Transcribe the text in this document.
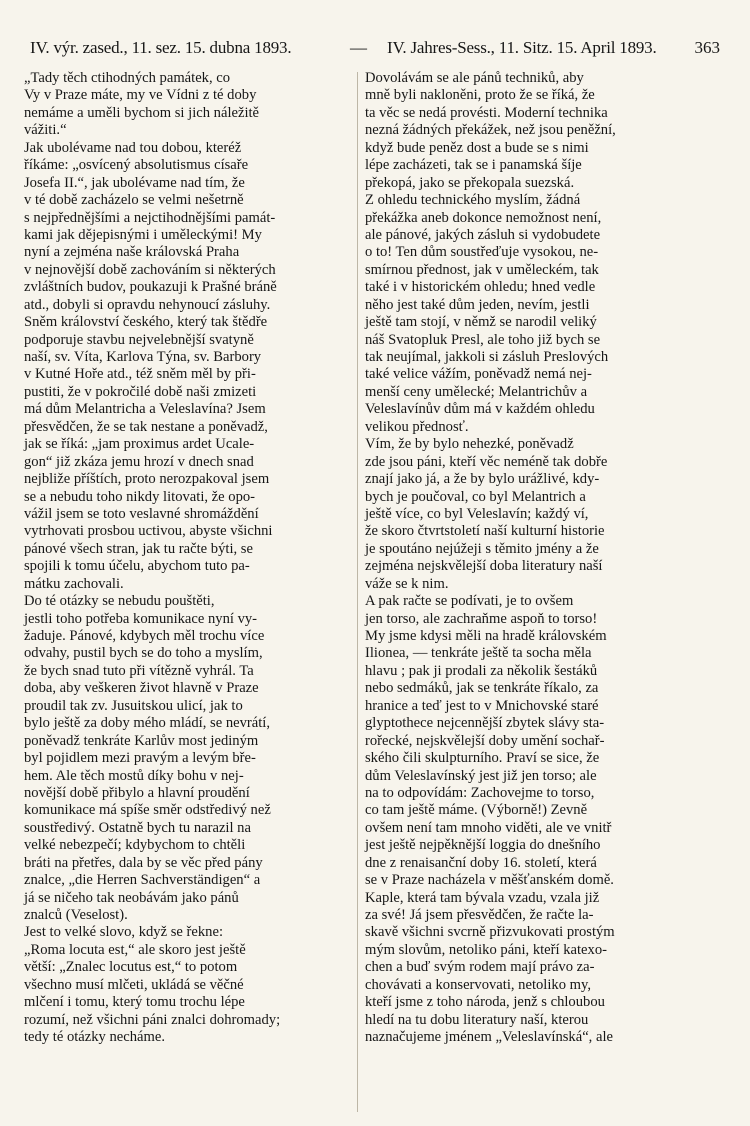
IV. výr. zased., 11. sez. 15. dubna 1893.	— IV. Jahres-Sess., 11. Sitz. 15. April 1893. 363
„Tady těch ctihodných památek, co
Vy v Praze máte, my ve Vídni z té doby
nemáme a uměli bychom si jich náležitě
vážiti.“
Jak ubolévame nad tou dobou, kteréž
říkáme: „osvícený absolutismus císaře
Josefa II.“, jak ubolévame nad tím, že
v té době zacházelo se velmi nešetrně
s nejpřednějšími a nejctihodnějšími památ-
kami jak dějepisnými i uměleckými! My
nyní a zejména naše královská Praha
v nejnovější době zachováním si některých
zvláštních budov, poukazuji k Prašné bráně
atd., dobyli si opravdu nehynoucí zásluhy.
Sněm království českého, který tak štědře
podporuje stavbu nejvelebnější svatyně
naší, sv. Víta, Karlova Týna, sv. Barbory
v Kutné Hoře atd., též sněm měl by při-
pustiti, že v pokročilé době naši zmizeti
má dům Melantricha a Veleslavína? Jsem
přesvědčen, že se tak nestane a poněvadž,
jak se říká: „jam proximus ardet Ucale-
gon“ již zkáza jemu hrozí v dnech snad
nejbliže příštích, proto nerozpakoval jsem
se a nebudu toho nikdy litovati, že opo-
vážil jsem se toto veslavné shromáždění
vytrhovati prosbou uctivou, abyste všichni
pánové všech stran, jak tu račte býti, se
spojili k tomu účelu, abychom tuto pa-
mátku zachovali.
Do té otázky se nebudu pouštěti,
jestli toho potřeba komunikace nyní vy-
žaduje. Pánové, kdybych měl trochu více
odvahy, pustil bych se do toho a myslím,
že bych snad tuto při vítězně vyhrál. Ta
doba, aby veškeren život hlavně v Praze
proudil tak zv. Jusuitskou ulicí, jak to
bylo ještě za doby mého mládí, se nevrátí,
poněvadž tenkráte Karlův most jediným
byl pojidlem mezi pravým a levým bře-
hem. Ale těch mostů díky bohu v nej-
novější době přibylo a hlavní proudění
komunikace má spíše směr odstředivý než
soustředivý. Ostatně bych tu narazil na
velké nebezpečí; kdybychom to chtěli
bráti na přetřes, dala by se věc před pány
znalce, „die Herren Sachverständigen“ a
já se ničeho tak neobávám jako pánů
znalců (Veselost).
Jest to velké slovo, když se řekne:
„Roma locuta est,“ ale skoro jest ještě
větší: „Znalec locutus est,“ to potom
všechno musí mlčeti, ukládá se věčné
mlčení i tomu, který tomu trochu lépe
rozumí, než všichni páni znalci dohromady;
tedy té otázky necháme.
Dovolávám se ale pánů techniků, aby
mně byli nakloněni, proto že se říká, že
ta věc se nedá provésti. Moderní technika
nezná žádných překážek, než jsou peněžní,
když bude peněz dost a bude se s nimi
lépe zacházeti, tak se i panamská šíje
překopá, jako se překopala suezská.
Z ohledu technického myslím, žádná
překážka aneb dokonce nemožnost není,
ale pánové, jakých zásluh si vydobudete
o to! Ten dům soustřeďuje vysokou, ne-
smírnou přednost, jak v uměleckém, tak
také i v historickém ohledu; hned vedle
něho jest také dům jeden, nevím, jestli
ještě tam stojí, v němž se narodil veliký
náš Svatopluk Presl, ale toho již bych se
tak neujímal, jakkoli si zásluh Preslových
také velice vážím, poněvadž nemá nej-
menší ceny umělecké; Melantrichův a
Veleslavínův dům má v každém ohledu
velikou přednosť.
Vím, že by bylo nehezké, poněvadž
zde jsou páni, kteří věc neméně tak dobře
znají jako já, a že by bylo urážlivé, kdy-
bych je poučoval, co byl Melantrich a
ještě více, co byl Veleslavín; každý ví,
že skoro čtvrtstoletí naší kulturní historie
je spoutáno nejúžeji s těmito jmény a že
zejména nejskvělejší doba literatury naší
váže se k nim.
A pak račte se podívati, je to ovšem
jen torso, ale zachraňme aspoň to torso!
My jsme kdysi měli na hradě královském
Ilionea, — tenkráte ještě ta socha měla
hlavu ; pak ji prodali za několik šestáků
nebo sedmáků, jak se tenkráte říkalo, za
hranice a teď jest to v Mnichovské staré
glyptothece nejcennější zbytek slávy sta-
rořecké, nejskvělejší doby umění sochař-
ského čili skulpturního. Praví se sice, že
dům Veleslavínský jest již jen torso; ale
na to odpovídám: Zachovejme to torso,
co tam ještě máme. (Výborně!) Zevně
ovšem není tam mnoho viděti, ale ve vnitř
jest ještě nejpěknější loggia do dnešního
dne z renaisanční doby 16. století, která
se v Praze nacházela v měšťanském domě.
Kaple, která tam bývala vzadu, vzala již
za své! Já jsem přesvědčen, že račte la-
skavě všichni svcrně přizvukovati prostým
mým slovům, netoliko páni, kteří katexo-
chen a buď svým rodem mají právo za-
chovávati a konservovati, netoliko my,
kteří jsme z toho národa, jenž s chloubou
hledí na tu dobu literatury naší, kterou
naznačujeme jménem „Veleslavínská“, ale
